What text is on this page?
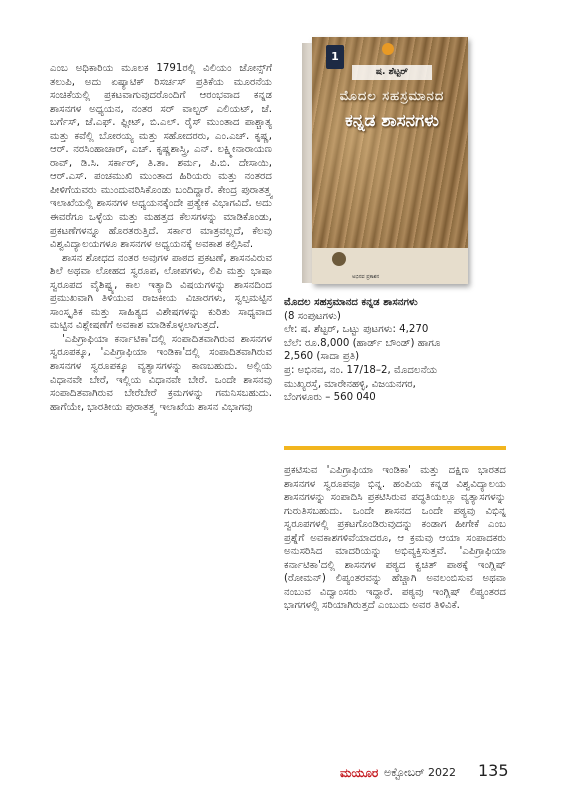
ಎಂಬ ಅಧಿಕಾರಿಯ ಮೂಲಕ 1791ರಲ್ಲಿ ವಿಲಿಯಂ ಜೋನ್ಸ್‌ಗೆ ತಲುಪಿ, ಅದು ಏಷ್ಯಾಟಿಕ್ ರಿಸರ್ಚಸ್ ಪ್ರತಿಕೆಯ ಮೂರನೆಯ ಸಂಚಿಕೆಯಲ್ಲಿ ಪ್ರಕಟವಾಗುವುದರೊಂದಿಗೆ ಆರಂಭವಾದ ಕನ್ನಡ ಶಾಸನಗಳ ಅಧ್ಯಯನ, ನಂತರ ಸರ್ ವಾಲ್ಟರ್ ಎಲಿಯಟ್, ಜೆ. ಬರ್ಗೆಸ್, ಜೆ.ಎಫ್. ಫ್ಲೀಟ್, ಬಿ.ಎಲ್. ರೈಸ್ ಮುಂತಾದ ಪಾಶ್ಚಾತ್ಯ ಮತ್ತು ಕವೆಲ್ಲಿ ಬೋರಯ್ಯ ಮತ್ತು ಸಹೋದರರು, ಎಂ.ಎಚ್. ಕೃಷ್ಣ, ಆರ್. ನರಸಿಂಹಾಚಾರ್, ಎಚ್. ಕೃಷ್ಣಶಾಸ್ತ್ರಿ, ಎನ್. ಲಕ್ಷ್ಮೀನಾರಾಯಣ ರಾವ್, ಡಿ.ಸಿ. ಸರ್ಕಾರ್, ತಿ.ತಾ. ಶರ್ಮ, ಪಿ.ಬಿ. ದೇಸಾಯಿ, ಆರ್.ಎಸ್. ಪಂಚಮುಖಿ ಮುಂತಾದ ಹಿರಿಯರು ಮತ್ತು ನಂತರದ ಪೀಳಿಗೆಯವರು ಮುಂದುವರಿಸಿಕೊಂಡು ಬಂದಿದ್ದಾರೆ. ಕೇಂದ್ರ ಪುರಾತತ್ತ್ವ ಇಲಾಖೆಯಲ್ಲಿ ಶಾಸನಗಳ ಅಧ್ಯಯನಕ್ಕೆಂದೇ ಪ್ರತ್ಯೇಕ ವಿಭಾಗವಿದೆ. ಅದು ಈವರೆಗೂ ಒಳ್ಳೆಯ ಮತ್ತು ಮಹತ್ತದ ಕೆಲಸಗಳನ್ನು ಮಾಡಿಕೊಂಡು, ಪ್ರಕಟಣೆಗಳನ್ನೂ ಹೊರತರುತ್ತಿದೆ. ಸರ್ಕಾರ ಮಾತ್ರವಲ್ಲದೆ, ಕೆಲವು ವಿಶ್ವವಿದ್ಯಾಲಯಗಳೂ ಶಾಸನಗಳ ಅಧ್ಯಯನಕ್ಕೆ ಅವಕಾಶ ಕಲ್ಪಿಸಿವೆ.

ಶಾಸನ ಶೋಧದ ನಂತರ ಅವುಗಳ ಪಾಠದ ಪ್ರಕಟಣೆ, ಶಾಸನವಿರುವ ಶಿಲೆ ಅಥವಾ ಲೋಹದ ಸ್ವರೂಪ, ಲೋಪಗಳು, ಲಿಪಿ ಮತ್ತು ಭಾಷಾ ಸ್ವರೂಪದ ವೈಶಿಷ್ಟ್ಯ, ಕಾಲ ಇತ್ಯಾದಿ ವಿಷಯಗಳನ್ನು ಶಾಸನದಿಂದ ಪ್ರಮುಖವಾಗಿ ತಿಳಿಯುವ ರಾಜಕೀಯ ವಿಚಾರಗಳು, ಸ್ವಲ್ಪಮಟ್ಟಿನ ಸಾಂಸ್ಕೃತಿಕ ಮತ್ತು ಸಾಹಿತ್ಯದ ವಿಶೇಷಗಳನ್ನು ಕುರಿತು ಸಾಧ್ಯವಾದ ಮಟ್ಟಿನ ವಿಶ್ಲೇಷಣೆಗೆ ಅವಕಾಶ ಮಾಡಿಕೊಳ್ಳಲಾಗುತ್ತದೆ.

'ಎಪಿಗ್ರಾಫಿಯಾ ಕರ್ನಾಟಿಕಾ'ದಲ್ಲಿ ಸಂಪಾದಿತವಾಗಿರುವ ಶಾಸನಗಳ ಸ್ವರೂಪಕ್ಕೂ, 'ಎಪಿಗ್ರಾಫಿಯಾ ಇಂಡಿಕಾ'ದಲ್ಲಿ ಸಂಪಾದಿತವಾಗಿರುವ ಶಾಸನಗಳ ಸ್ವರೂಪಕ್ಕೂ ವ್ಯತ್ಯಾಸಗಳನ್ನು ಕಾಣಬಹುದು. ಅಲ್ಲಿಯ ವಿಧಾನವೇ ಬೇರೆ, ಇಲ್ಲಿಯ ವಿಧಾನವೇ ಬೇರೆ. ಒಂದೇ ಶಾಸನವು ಸಂಪಾದಿತವಾಗಿರುವ ಬೇರೆಬೇರೆ ಕ್ರಮಗಳನ್ನು ಗಮನಿಸಬಹುದು. ಹಾಗೆಯೇ, ಭಾರತೀಯ ಪುರಾತತ್ತ್ವ ಇಲಾಖೆಯ ಶಾಸನ ವಿಭಾಗವು

1
ಷ. ಶೆಟ್ಟರ್
ಮೊದಲ ಸಹಸ್ರಮಾನದ
ಕನ್ನಡ ಶಾಸನಗಳು
ಅಭಿನವ ಪ್ರಕಾಶನ
ಮೊದಲ ಸಹಸ್ರಮಾನದ ಕನ್ನಡ ಶಾಸನಗಳು
(8 ಸಂಪುಟಗಳು)
ಲೇ: ಷ. ಶೆಟ್ಟರ್, ಒಟ್ಟು ಪುಟಗಳು: 4,270
ಬೆಲೆ: ರೂ.8,000 (ಹಾರ್ಡ್ ಬೌಂಡ್) ಹಾಗೂ
2,560 (ಸಾದಾ ಪ್ರತಿ)
ಪ್ರ: ಅಭಿನವ, ನಂ. 17/18–2, ಮೊದಲನೆಯ
ಮುಖ್ಯರಸ್ತೆ, ಮಾರೇನಹಳ್ಳಿ, ವಿಜಯನಗರ,
ಬೆಂಗಳೂರು – 560 040

ಪ್ರಕಟಿಸುವ 'ಎಪಿಗ್ರಾಫಿಯಾ ಇಂಡಿಕಾ' ಮತ್ತು ದಕ್ಷಿಣ ಭಾರತದ ಶಾಸನಗಳ ಸ್ವರೂಪವೂ ಭಿನ್ನ. ಹಂಪಿಯ ಕನ್ನಡ ವಿಶ್ವವಿದ್ಯಾಲಯ ಶಾಸನಗಳನ್ನು ಸಂಪಾದಿಸಿ ಪ್ರಕಟಿಸಿರುವ ಪದ್ಧತಿಯಲ್ಲೂ ವ್ಯತ್ಯಾಸಗಳನ್ನು ಗುರುತಿಸಬಹುದು. ಒಂದೇ ಶಾಸನದ ಒಂದೇ ಪಠ್ಯವು ವಿಭಿನ್ನ ಸ್ವರೂಪಗಳಲ್ಲಿ ಪ್ರಕಟಗೊಂಡಿರುವುದನ್ನು ಕಂಡಾಗ ಹೀಗೇಕೆ ಎಂಬ ಪ್ರಶ್ನೆಗೆ ಅವಕಾಶಗಳಿವೆಯಾದರೂ, ಆ ಕ್ರಮವು ಆಯಾ ಸಂಪಾದಕರು ಅನುಸರಿಸಿದ ಮಾದರಿಯನ್ನು ಅಭಿವ್ಯಕ್ತಿಸುತ್ತವೆ. 'ಎಪಿಗ್ರಾಫಿಯಾ ಕರ್ನಾಟಿಕಾ'ದಲ್ಲಿ ಶಾಸನಗಳ ಪಠ್ಯದ ಕ್ವಚಿತ್ ಪಾಠಕ್ಕೆ ಇಂಗ್ಲಿಷ್ (ರೋಮನ್) ಲಿಪ್ಯಂತರವನ್ನು ಹೆಚ್ಚಾಗಿ ಅವಲಂಬಿಸುವ ಅಥವಾ ನಂಬುವ ವಿದ್ವಾಂಸರು ಇದ್ದಾರೆ. ಪಠ್ಯವು ಇಂಗ್ಲಿಷ್ ಲಿಪ್ಯಂತರದ ಭಾಗಗಳಲ್ಲಿ ಸರಿಯಾಗಿರುತ್ತದೆ ಎಂಬುದು ಅವರ ತಿಳಿವಿಕೆ.

ಮಯೂರ ಅಕ್ಟೋಬರ್ 2022 135
